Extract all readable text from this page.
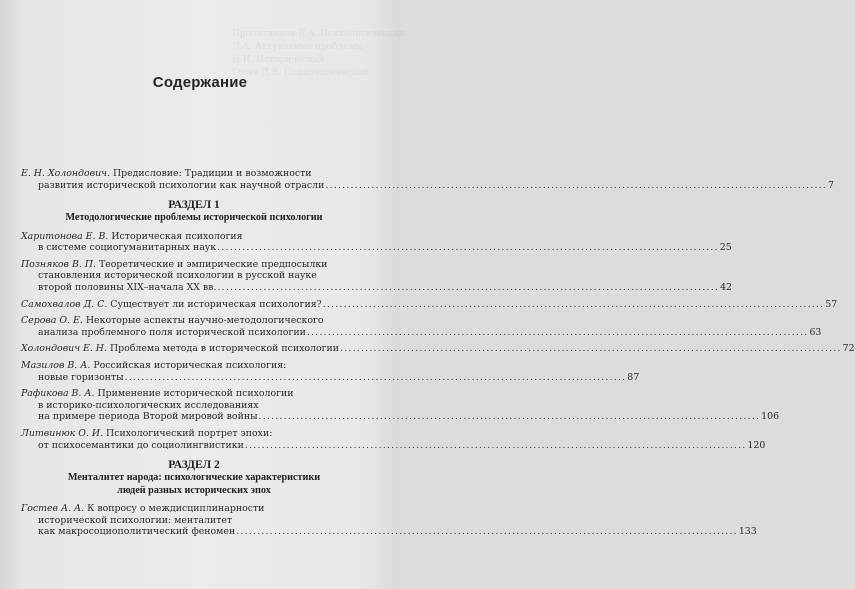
Пролитвинов В.А. Психологическая
Л.А. Актуальные проблемы
Н.И. Историческая
Гусев Д.В. Психологический
Содержание
Е. Н. Холондович. Предисловие: Традиции и возможности
развития исторической психологии как научной отрасли ........................................................................................................................ 7
РАЗДЕЛ 1
Методологические проблемы исторической психологии
Харитонова Е. В. Историческая психология
в системе социогуманитарных наук ........................................................................................................................ 25
Позняков В. П. Теоретические и эмпирические предпосылки
становления исторической психологии в русской науке
второй половины XIX–начала XX вв. ........................................................................................................................ 42
Самохвалов Д. С. Существует ли историческая психология? ........................................................................................................................ 57
Серова О. Е. Некоторые аспекты научно-методологического
анализа проблемного поля исторической психологии ........................................................................................................................ 63
Холондович Е. Н. Проблема метода в исторической психологии ........................................................................................................................ 72
Мазилов В. А. Российская историческая психология:
новые горизонты ........................................................................................................................ 87
Рафикова В. А. Применение исторической психологии
в историко-психологических исследованиях
на примере периода Второй мировой войны ........................................................................................................................ 106
Литвинюк О. И. Психологический портрет эпохи:
от психосемантики до социолингвистики ........................................................................................................................ 120
РАЗДЕЛ 2
Менталитет народа: психологические характеристики
людей разных исторических эпох
Гостев А. А. К вопросу о междисциплинарности
исторической психологии: менталитет
как макросоциополитический феномен ........................................................................................................................ 133
